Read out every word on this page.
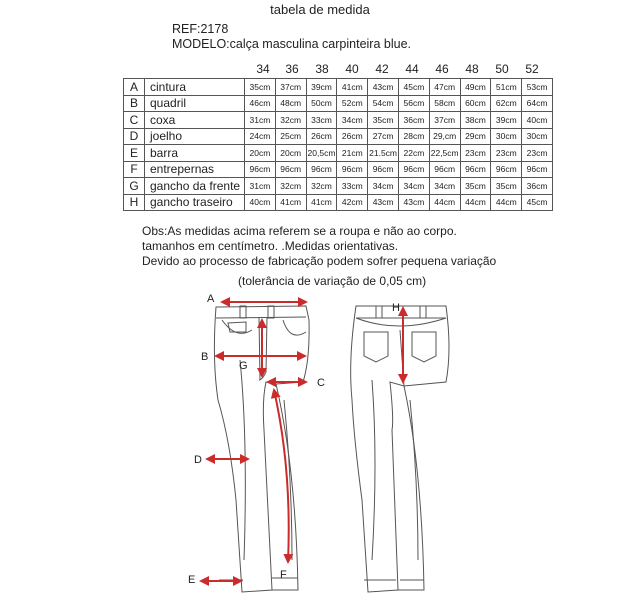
tabela de medida
REF:2178
MODELO:calça masculina carpinteira blue.
34	36	38	40	42	44	46	48	50	52
A	cintura	35cm	37cm	39cm	41cm	43cm	45cm	47cm	49cm	51cm	53cm
B	quadril	46cm	48cm	50cm	52cm	54cm	56cm	58cm	60cm	62cm	64cm
C	coxa	31cm	32cm	33cm	34cm	35cm	36cm	37cm	38cm	39cm	40cm
D	joelho	24cm	25cm	26cm	26cm	27cm	28cm	29,cm	29cm	30cm	30cm
E	barra	20cm	20cm	20,5cm	21cm	21.5cm	22cm	22,5cm	23cm	23cm	23cm
F	entrepernas	96cm	96cm	96cm	96cm	96cm	96cm	96cm	96cm	96cm	96cm
G	gancho da frente	31cm	32cm	32cm	33cm	34cm	34cm	34cm	35cm	35cm	36cm
H	gancho traseiro	40cm	41cm	41cm	42cm	43cm	43cm	44cm	44cm	44cm	45cm
Obs:As medidas acima referem se a roupa e não ao corpo.
tamanhos em centímetro. .Medidas orientativas.
Devido ao processo de fabricação podem sofrer pequena variação
(tolerância de variação de 0,05 cm)
A
B
C
D
E	F
G
H
